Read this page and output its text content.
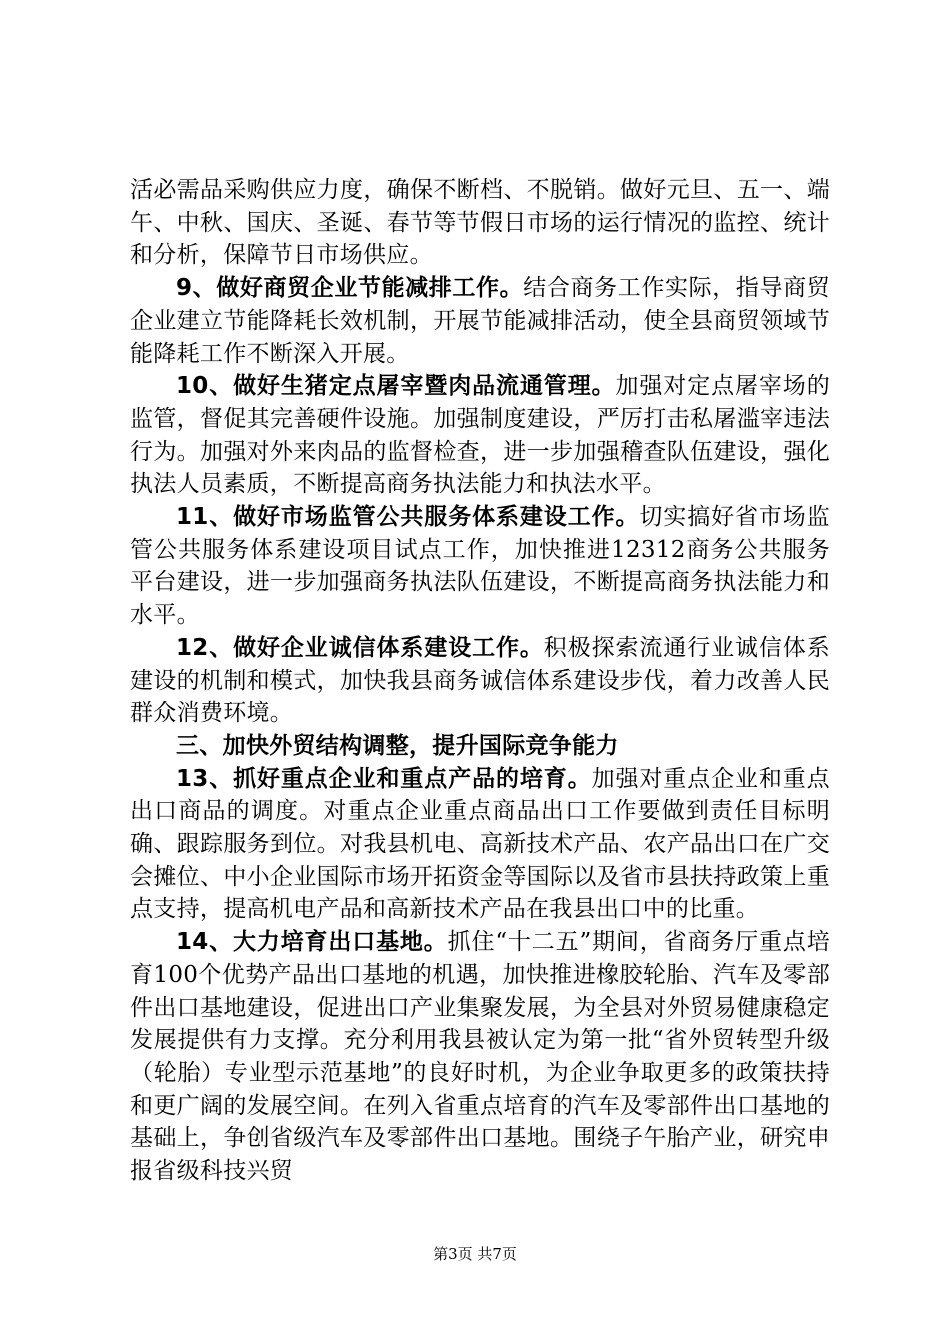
活必需品采购供应力度，确保不断档、不脱销。做好元旦、五一、端午、中秋、国庆、圣诞、春节等节假日市场的运行情况的监控、统计和分析，保障节日市场供应。

9、做好商贸企业节能减排工作。结合商务工作实际，指导商贸企业建立节能降耗长效机制，开展节能减排活动，使全县商贸领域节能降耗工作不断深入开展。

10、做好生猪定点屠宰暨肉品流通管理。加强对定点屠宰场的监管，督促其完善硬件设施。加强制度建设，严厉打击私屠滥宰违法行为。加强对外来肉品的监督检查，进一步加强稽查队伍建设，强化执法人员素质，不断提高商务执法能力和执法水平。

11、做好市场监管公共服务体系建设工作。切实搞好省市场监管公共服务体系建设项目试点工作，加快推进12312商务公共服务平台建设，进一步加强商务执法队伍建设，不断提高商务执法能力和水平。

12、做好企业诚信体系建设工作。积极探索流通行业诚信体系建设的机制和模式，加快我县商务诚信体系建设步伐，着力改善人民群众消费环境。

三、加快外贸结构调整，提升国际竞争能力

13、抓好重点企业和重点产品的培育。加强对重点企业和重点出口商品的调度。对重点企业重点商品出口工作要做到责任目标明确、跟踪服务到位。对我县机电、高新技术产品、农产品出口在广交会摊位、中小企业国际市场开拓资金等国际以及省市县扶持政策上重点支持，提高机电产品和高新技术产品在我县出口中的比重。

14、大力培育出口基地。抓住“十二五”期间，省商务厅重点培育100个优势产品出口基地的机遇，加快推进橡胶轮胎、汽车及零部件出口基地建设，促进出口产业集聚发展，为全县对外贸易健康稳定发展提供有力支撑。充分利用我县被认定为第一批“省外贸转型升级（轮胎）专业型示范基地”的良好时机，为企业争取更多的政策扶持和更广阔的发展空间。在列入省重点培育的汽车及零部件出口基地的基础上，争创省级汽车及零部件出口基地。围绕子午胎产业，研究申报省级科技兴贸

第3页 共7页
